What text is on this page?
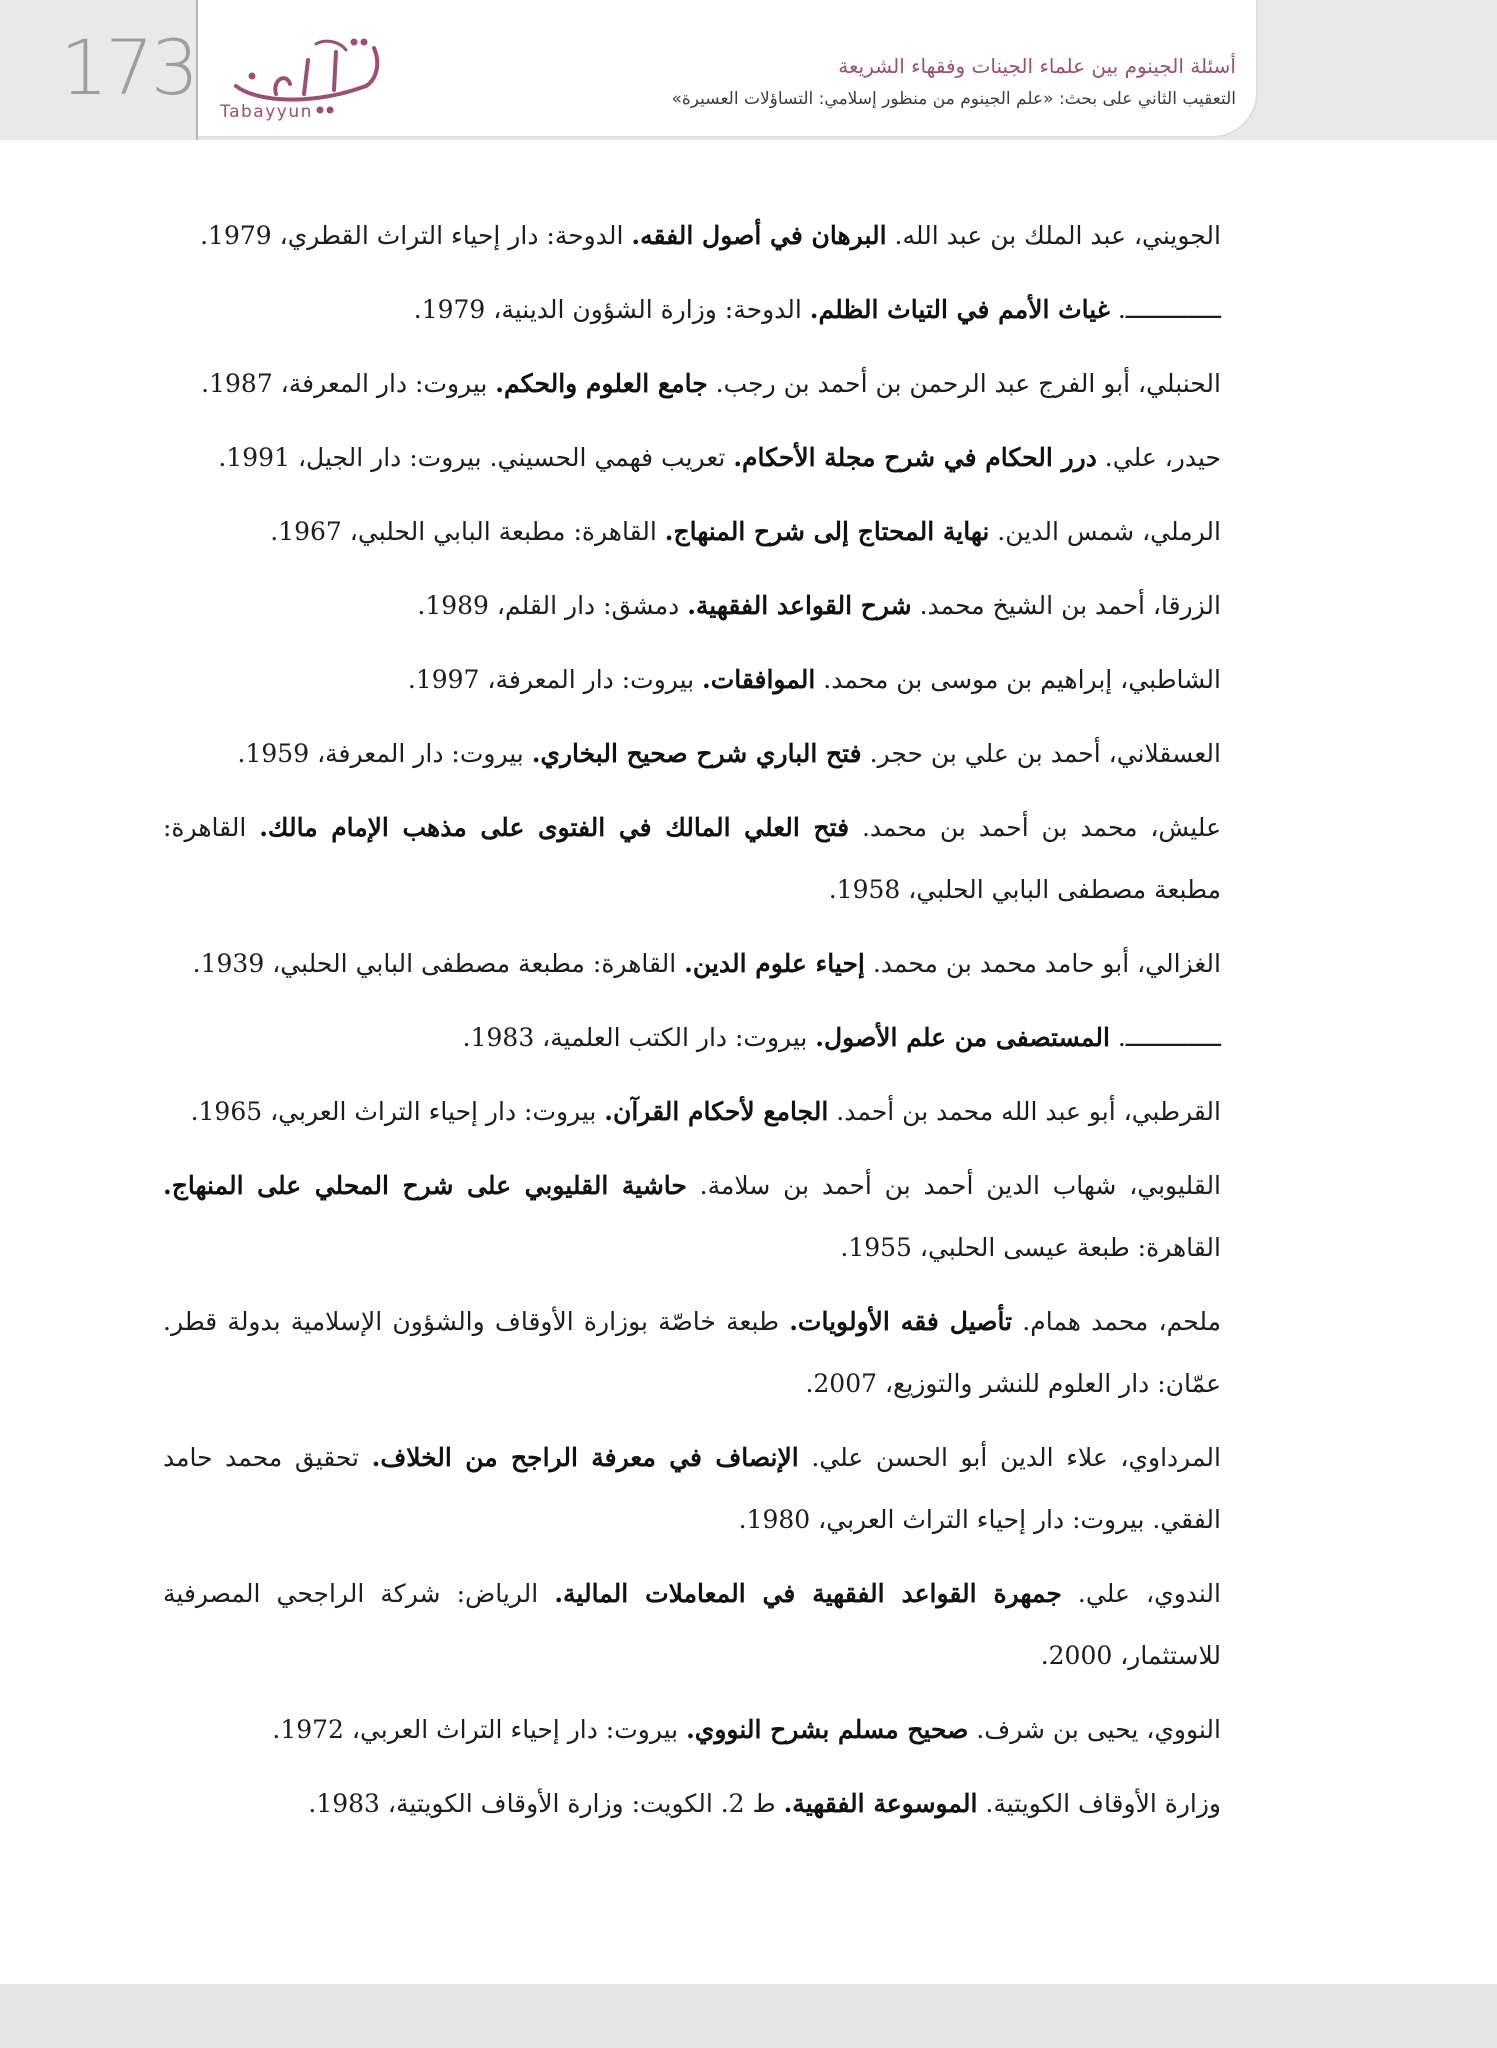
173 Tabayyun
أسئلة الجينوم بين علماء الجينات وفقهاء الشريعة
التعقيب الثاني على بحث: «علم الجينوم من منظور إسلامي: التساؤلات العسيرة»

الجويني، عبد الملك بن عبد الله. البرهان في أصول الفقه. الدوحة: دار إحياء التراث القطري، 1979.

ـــــــــــــ. غياث الأمم في التياث الظلم. الدوحة: وزارة الشؤون الدينية، 1979.

الحنبلي، أبو الفرج عبد الرحمن بن أحمد بن رجب. جامع العلوم والحكم. بيروت: دار المعرفة، 1987.

حيدر، علي. درر الحكام في شرح مجلة الأحكام. تعريب فهمي الحسيني. بيروت: دار الجيل، 1991.

الرملي، شمس الدين. نهاية المحتاج إلى شرح المنهاج. القاهرة: مطبعة البابي الحلبي، 1967.

الزرقا، أحمد بن الشيخ محمد. شرح القواعد الفقهية. دمشق: دار القلم، 1989.

الشاطبي، إبراهيم بن موسى بن محمد. الموافقات. بيروت: دار المعرفة، 1997.

العسقلاني، أحمد بن علي بن حجر. فتح الباري شرح صحيح البخاري. بيروت: دار المعرفة، 1959.

عليش، محمد بن أحمد بن محمد. فتح العلي المالك في الفتوى على مذهب الإمام مالك. القاهرة: مطبعة مصطفى البابي الحلبي، 1958.

الغزالي، أبو حامد محمد بن محمد. إحياء علوم الدين. القاهرة: مطبعة مصطفى البابي الحلبي، 1939.

ـــــــــــــ. المستصفى من علم الأصول. بيروت: دار الكتب العلمية، 1983.

القرطبي، أبو عبد الله محمد بن أحمد. الجامع لأحكام القرآن. بيروت: دار إحياء التراث العربي، 1965.

القليوبي، شهاب الدين أحمد بن أحمد بن سلامة. حاشية القليوبي على شرح المحلي على المنهاج. القاهرة: طبعة عيسى الحلبي، 1955.

ملحم، محمد همام. تأصيل فقه الأولويات. طبعة خاصّة بوزارة الأوقاف والشؤون الإسلامية بدولة قطر. عمّان: دار العلوم للنشر والتوزيع، 2007.

المرداوي، علاء الدين أبو الحسن علي. الإنصاف في معرفة الراجح من الخلاف. تحقيق محمد حامد الفقي. بيروت: دار إحياء التراث العربي، 1980.

الندوي، علي. جمهرة القواعد الفقهية في المعاملات المالية. الرياض: شركة الراجحي المصرفية للاستثمار، 2000.

النووي، يحيى بن شرف. صحيح مسلم بشرح النووي. بيروت: دار إحياء التراث العربي، 1972.

وزارة الأوقاف الكويتية. الموسوعة الفقهية. ط 2. الكويت: وزارة الأوقاف الكويتية، 1983.
